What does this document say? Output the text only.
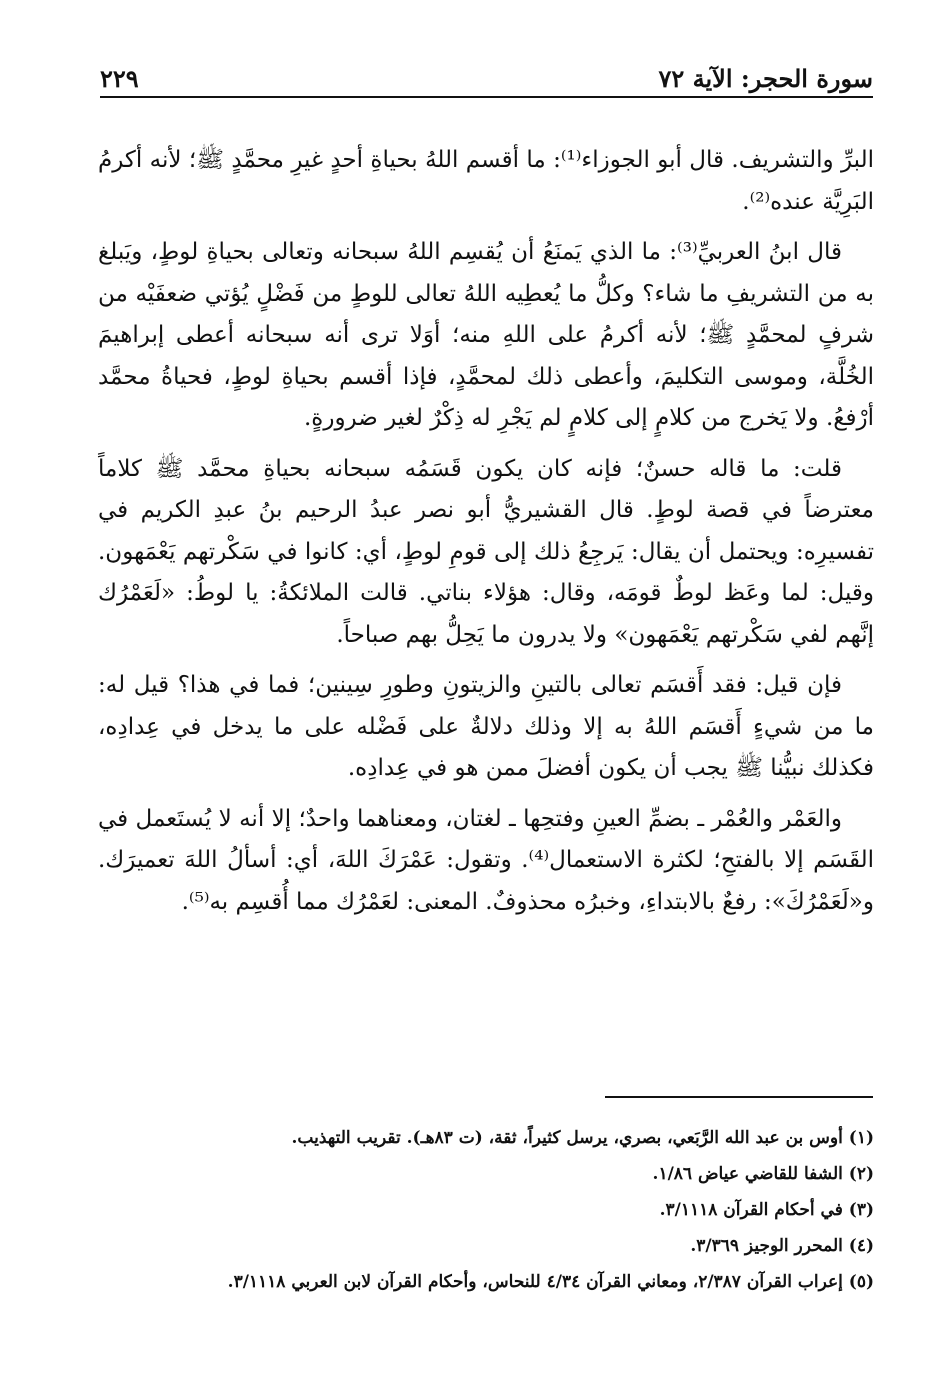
سورة الحجر: الآية ٧٢
٢٢٩

البرِّ والتشريف. قال أبو الجوزاء⁽¹⁾: ما أقسم اللهُ بحياةِ أحدٍ غيرِ محمَّدٍ ﷺ؛ لأنه أكرمُ البَرِيَّة عنده⁽²⁾.

قال ابنُ العربيِّ⁽³⁾: ما الذي يَمنَعُ أن يُقسِم اللهُ سبحانه وتعالى بحياةِ لوطٍ، ويَبلغ به من التشريفِ ما شاء؟ وكلُّ ما يُعطِيه اللهُ تعالى للوطٍ من فَضْلٍ يُؤتي ضعفَيْه من شرفٍ لمحمَّدٍ ﷺ؛ لأنه أكرمُ على اللهِ منه؛ أوَلا ترى أنه سبحانه أعطى إبراهيمَ الخُلَّة، وموسى التكليمَ، وأعطى ذلك لمحمَّدٍ، فإذا أقسم بحياةِ لوطٍ، فحياةُ محمَّد أرْفعُ. ولا يَخرج من كلامٍ إلى كلامٍ لم يَجْرِ له ذِكْرٌ لغير ضرورةٍ.

قلت: ما قاله حسنٌ؛ فإنه كان يكون قَسَمُه سبحانه بحياةِ محمَّد ﷺ كلاماً معترضاً في قصة لوطٍ. قال القشيريُّ أبو نصر عبدُ الرحيم بنُ عبدِ الكريم في تفسيرِه: ويحتمل أن يقال: يَرجِعُ ذلك إلى قومِ لوطٍ، أي: كانوا في سَكْرتهم يَعْمَهون. وقيل: لما وعَظ لوطٌ قومَه، وقال: هؤلاء بناتي. قالت الملائكةُ: يا لوطُ: «لَعَمْرُك إنَّهم لفي سَكْرتهم يَعْمَهون» ولا يدرون ما يَحِلُّ بهم صباحاً.

فإن قيل: فقد أَقسَم تعالى بالتينِ والزيتونِ وطورِ سِينين؛ فما في هذا؟ قيل له: ما من شيءٍ أَقسَم اللهُ به إلا وذلك دلالةٌ على فَضْله على ما يدخل في عِدادِه، فكذلك نبيُّنا ﷺ يجب أن يكون أفضلَ ممن هو في عِدادِه.

والعَمْر والعُمْر ـ بضمِّ العينِ وفتحِها ـ لغتان، ومعناهما واحدٌ؛ إلا أنه لا يُستَعمل في القَسَم إلا بالفتحِ؛ لكثرة الاستعمال⁽⁴⁾. وتقول: عَمْرَكَ اللهَ، أي: أسألُ اللهَ تعميرَك. و«لَعَمْرُكَ»: رفعٌ بالابتداءِ، وخبرُه محذوفٌ. المعنى: لعَمْرُك مما أُقسِم به⁽⁵⁾.

(١) أوس بن عبد الله الرَّبَعي، بصري، يرسل كثيراً، ثقة، (ت ٨٣هـ). تقريب التهذيب.

(٢) الشفا للقاضي عياض ١/٨٦.

(٣) في أحكام القرآن ٣/١١١٨.

(٤) المحرر الوجيز ٣/٣٦٩.

(٥) إعراب القرآن ٢/٣٨٧، ومعاني القرآن ٤/٣٤ للنحاس، وأحكام القرآن لابن العربي ٣/١١١٨.
